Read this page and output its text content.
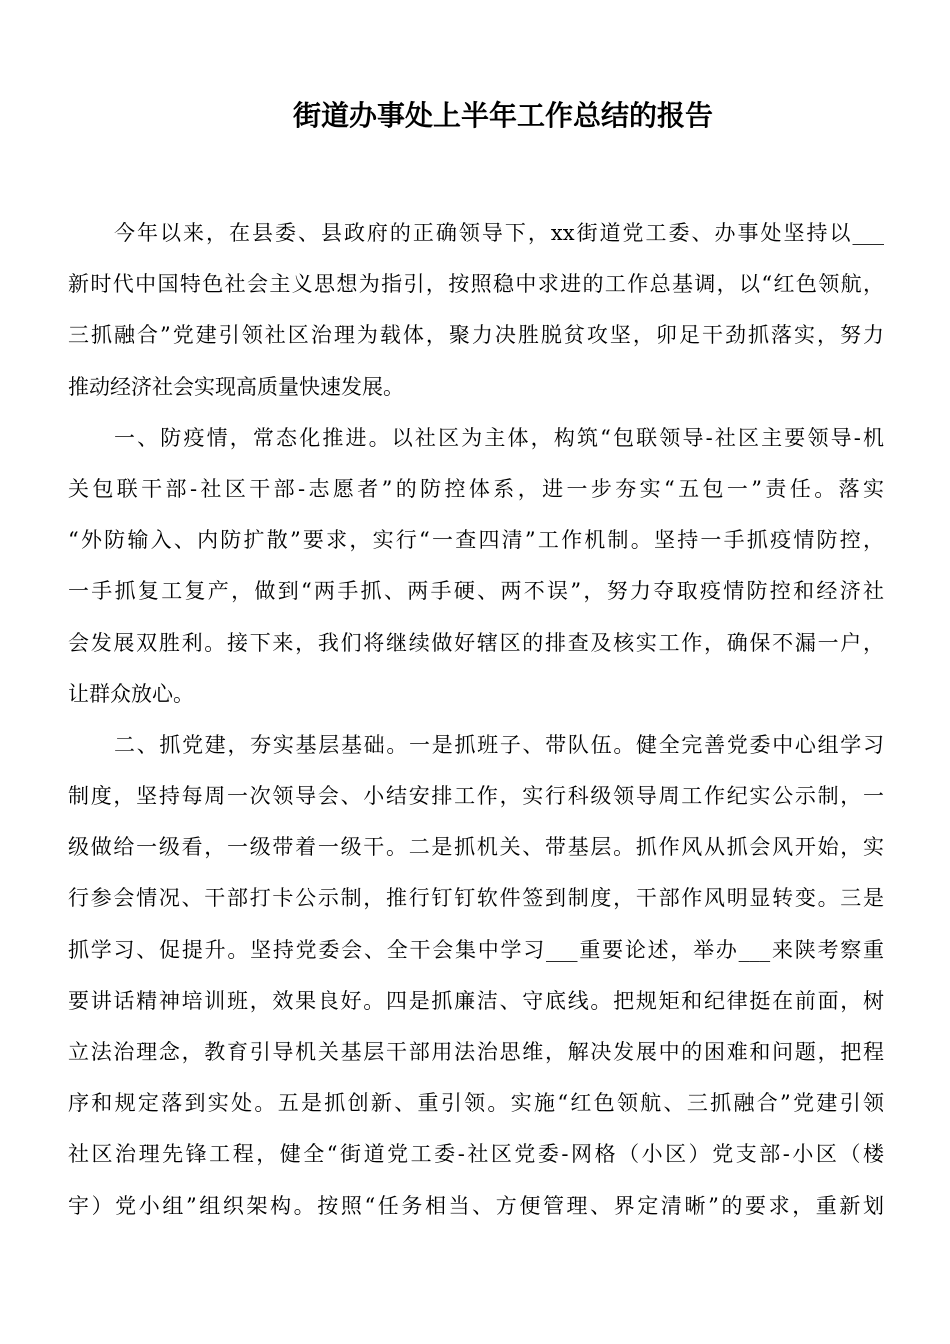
街道办事处上半年工作总结的报告
今年以来，在县委、县政府的正确领导下，xx街道党工委、办事处坚持以___
新时代中国特色社会主义思想为指引，按照稳中求进的工作总基调，以“红色领航，
三抓融合”党建引领社区治理为载体，聚力决胜脱贫攻坚，卯足干劲抓落实，努力
推动经济社会实现高质量快速发展。
一、防疫情，常态化推进。以社区为主体，构筑“包联领导-社区主要领导-机
关包联干部-社区干部-志愿者”的防控体系，进一步夯实“五包一”责任。落实
“外防输入、内防扩散”要求，实行“一查四清”工作机制。坚持一手抓疫情防控，
一手抓复工复产，做到“两手抓、两手硬、两不误”，努力夺取疫情防控和经济社
会发展双胜利。接下来，我们将继续做好辖区的排查及核实工作，确保不漏一户，
让群众放心。
二、抓党建，夯实基层基础。一是抓班子、带队伍。健全完善党委中心组学习
制度，坚持每周一次领导会、小结安排工作，实行科级领导周工作纪实公示制，一
级做给一级看，一级带着一级干。二是抓机关、带基层。抓作风从抓会风开始，实
行参会情况、干部打卡公示制，推行钉钉软件签到制度，干部作风明显转变。三是
抓学习、促提升。坚持党委会、全干会集中学习___重要论述，举办___来陕考察重
要讲话精神培训班，效果良好。四是抓廉洁、守底线。把规矩和纪律挺在前面，树
立法治理念，教育引导机关基层干部用法治思维，解决发展中的困难和问题，把程
序和规定落到实处。五是抓创新、重引领。实施“红色领航、三抓融合”党建引领
社区治理先锋工程，健全“街道党工委-社区党委-网格（小区）党支部-小区（楼
宇）党小组”组织架构。按照“任务相当、方便管理、界定清晰”的要求，重新划
